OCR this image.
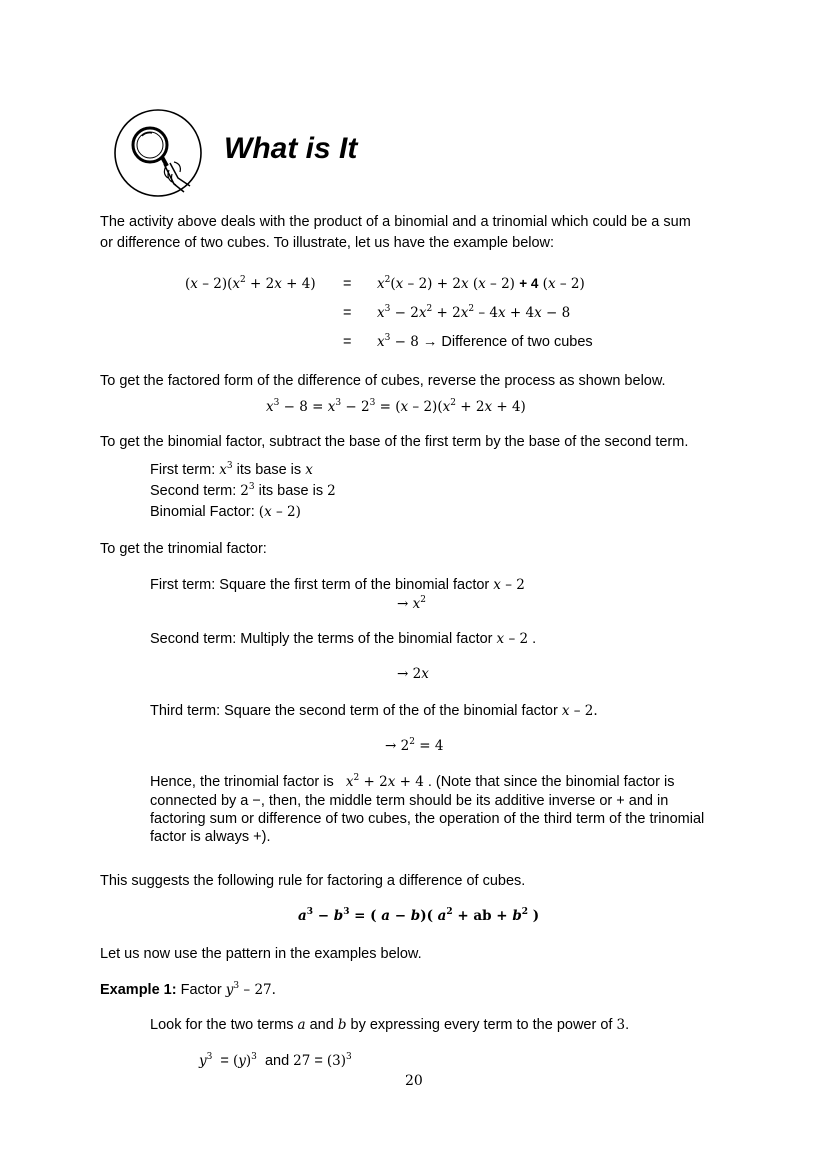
What is It
The activity above deals with the product of a binomial and a trinomial which could be a sum
or difference of two cubes. To illustrate, let us have the example below:
$(x - 2)(x^2 + 2x + 4) = x^2(x - 2) + 2x$ (x – 2) + 4 (x – 2)
= $x^3 - 2x^2 + 2x^2 - 4x + 4x - 8$
= $x^3 - 8$ → Difference of two cubes
To get the factored form of the difference of cubes, reverse the process as shown below.
$x^3 - 8 = x^3 - 2^3 = (x - 2)(x^2 + 2x + 4)$
To get the binomial factor, subtract the base of the first term by the base of the second term.
First term: $x^3$ its base is x
Second term: $2^3$ its base is 2
Binomial Factor: (x – 2)
To get the trinomial factor:
First term: Square the first term of the binomial factor x – 2
→ $x^2$
Second term: Multiply the terms of the binomial factor x – 2 .
→ 2x
Third term: Square the second term of the of the binomial factor x – 2.
→ $2^2 = 4$
Hence, the trinomial factor is $x^2 + 2x + 4$ . (Note that since the binomial factor is
connected by a −, then, the middle term should be its additive inverse or + and in
factoring sum or difference of two cubes, the operation of the third term of the trinomial
factor is always +).
This suggests the following rule for factoring a difference of cubes.
$a^3 - b^3$ = ( a − b)( $a^2$ + ab + $b^2$ )
Let us now use the pattern in the examples below.
Example 1: Factor $y^3 - 27$.
Look for the two terms a and b by expressing every term to the power of 3.
$y^3 = (y)^3$ and $27 = (3)^3$
20
